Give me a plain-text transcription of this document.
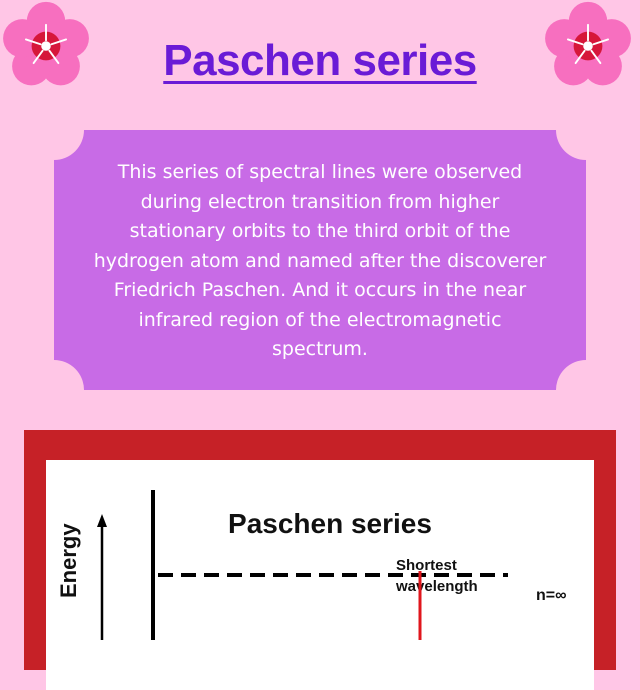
Paschen series
This series of spectral lines were observed during electron transition from higher stationary orbits to the third orbit of the hydrogen atom and named after the discoverer Friedrich Paschen. And it occurs in the near infrared region of the electromagnetic spectrum.
Paschen series
Shortest
wavelength
n=∞
Energy
